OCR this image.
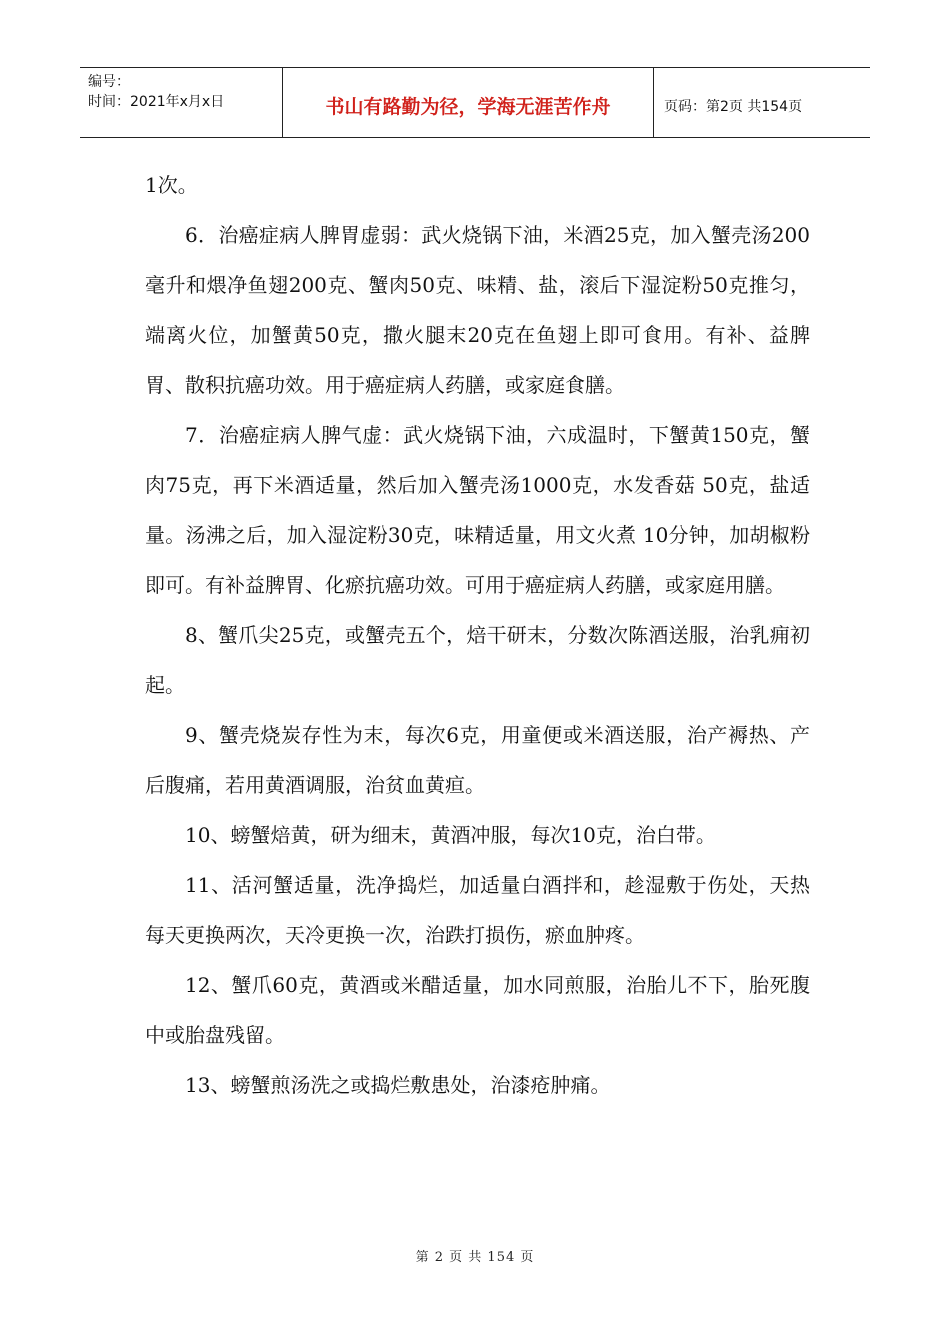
编号：
时间：2021年x月x日	书山有路勤为径，学海无涯苦作舟	页码：第2页 共154页

1次。

6．治癌症病人脾胃虚弱：武火烧锅下油，米酒25克，加入蟹壳汤200毫升和煨净鱼翅200克、蟹肉50克、味精、盐，滚后下湿淀粉50克推匀，端离火位，加蟹黄50克，撒火腿末20克在鱼翅上即可食用。有补、益脾胃、散积抗癌功效。用于癌症病人药膳，或家庭食膳。

7．治癌症病人脾气虚：武火烧锅下油，六成温时，下蟹黄150克，蟹肉75克，再下米酒适量，然后加入蟹壳汤1000克，水发香菇 50克，盐适量。汤沸之后，加入湿淀粉30克，味精适量，用文火煮 10分钟，加胡椒粉即可。有补益脾胃、化瘀抗癌功效。可用于癌症病人药膳，或家庭用膳。

8、蟹爪尖25克，或蟹壳五个，焙干研末，分数次陈酒送服，治乳痈初起。

9、蟹壳烧炭存性为末，每次6克，用童便或米酒送服，治产褥热、产后腹痛，若用黄酒调服，治贫血黄疸。

10、螃蟹焙黄，研为细末，黄酒冲服，每次10克，治白带。

11、活河蟹适量，洗净捣烂，加适量白酒拌和，趁湿敷于伤处，天热每天更换两次，天冷更换一次，治跌打损伤，瘀血肿疼。

12、蟹爪60克，黄酒或米醋适量，加水同煎服，治胎儿不下，胎死腹中或胎盘残留。

13、螃蟹煎汤洗之或捣烂敷患处，治漆疮肿痛。

第 2 页 共 154 页
